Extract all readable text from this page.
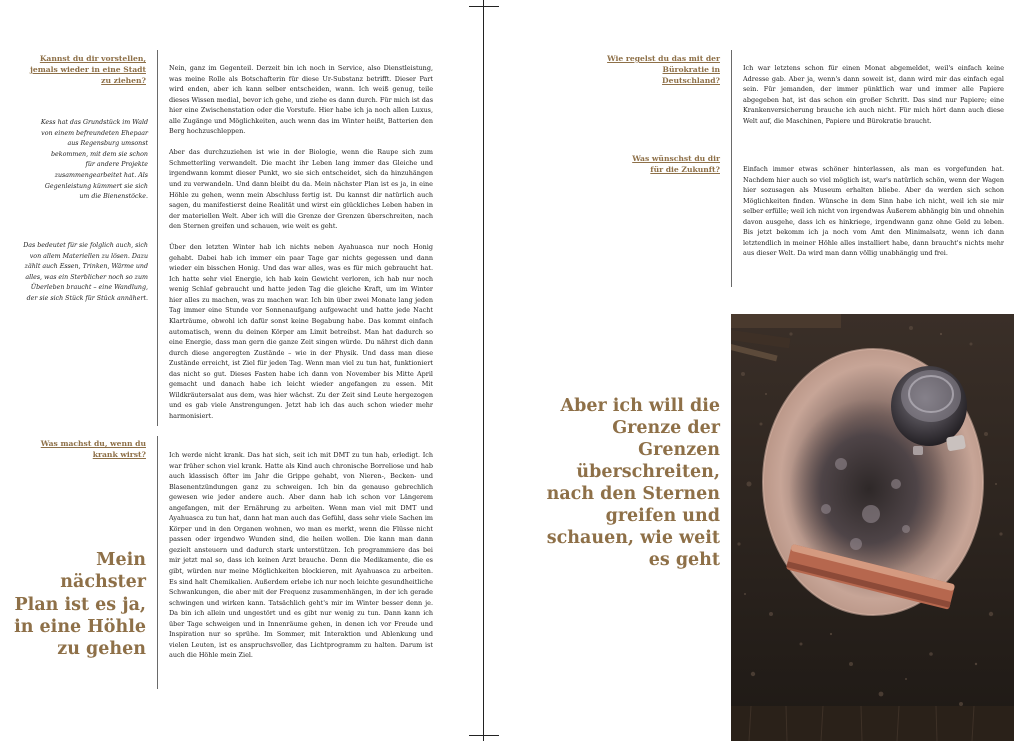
Kannst du dir vorstellen, jemals wieder in eine Stadt zu ziehen?
Kess hat das Grundstück im Wald von einem befreundeten Ehepaar aus Regensburg umsonst bekommen, mit dem sie schon für andere Projekte zusammengearbeitet hat. Als Gegenleistung kümmert sie sich um die Bienenstöcke.
Das bedeutet für sie folglich auch, sich von allem Materiellen zu lösen. Dazu zählt auch Essen, Trinken, Wärme und alles, was ein Sterblicher noch so zum Überleben braucht – eine Wandlung, der sie sich Stück für Stück annähert.

Nein, ganz im Gegenteil. Derzeit bin ich noch in Service, also Dienstleistung, was meine Rolle als Botschafterin für diese Ur-Substanz betrifft. Dieser Part wird enden, aber ich kann selber entscheiden, wann. Ich weiß genug, teile dieses Wissen medial, bevor ich gehe, und ziehe es dann durch. Für mich ist das hier eine Zwischenstation oder die Vorstufe. Hier habe ich ja noch allen Luxus, alle Zugänge und Möglichkeiten, auch wenn das im Winter heißt, Batterien den Berg hochzuschleppen.

Aber das durchzuziehen ist wie in der Biologie, wenn die Raupe sich zum Schmetterling verwandelt. Die macht ihr Leben lang immer das Gleiche und irgendwann kommt dieser Punkt, wo sie sich entscheidet, sich da hinzuhängen und zu verwandeln. Und dann bleibt du da. Mein nächster Plan ist es ja, in eine Höhle zu gehen, wenn mein Abschluss fertig ist. Du kannst dir natürlich auch sagen, du manifestierst deine Realität und wirst ein glückliches Leben haben in der materiellen Welt. Aber ich will die Grenze der Grenzen überschreiten, nach den Sternen greifen und schauen, wie weit es geht.

Über den letzten Winter hab ich nichts neben Ayahuasca nur noch Honig gehabt. Dabei hab ich immer ein paar Tage gar nichts gegessen und dann wieder ein bisschen Honig. Und das war alles, was es für mich gebraucht hat. Ich hatte sehr viel Energie, ich hab kein Gewicht verloren, ich hab nur noch wenig Schlaf gebraucht und hatte jeden Tag die gleiche Kraft, um im Winter hier alles zu machen, was zu machen war. Ich bin über zwei Monate lang jeden Tag immer eine Stunde vor Sonnenaufgang aufgewacht und hatte jede Nacht Klarträume, obwohl ich dafür sonst keine Begabung habe. Das kommt einfach automatisch, wenn du deinen Körper am Limit betreibst. Man hat dadurch so eine Energie, dass man gern die ganze Zeit singen würde. Du nährst dich dann durch diese angeregten Zustände – wie in der Physik. Und dass man diese Zustände erreicht, ist Ziel für jeden Tag. Wenn man viel zu tun hat, funktioniert das nicht so gut. Dieses Fasten habe ich dann von November bis Mitte April gemacht und danach habe ich leicht wieder angefangen zu essen. Mit Wildkräutersalat aus dem, was hier wächst. Zu der Zeit sind Leute hergezogen und es gab viele Anstrengungen. Jetzt hab ich das auch schon wieder mehr harmonisiert.

Was machst du, wenn du krank wirst?	Ich werde nicht krank. Das hat sich, seit ich mit DMT zu tun hab, erledigt. Ich war früher schon viel krank. Hatte als Kind auch chronische Borreliose und hab auch klassisch öfter im Jahr die Grippe gehabt, von Nieren-, Becken- und Blasenentzündungen ganz zu schweigen. Ich bin da genauso gebrechlich gewesen wie jeder andere auch. Aber dann hab ich schon vor Längerem angefangen, mit der Ernährung zu arbeiten. Wenn man viel mit DMT und Ayahuasca zu tun hat, dann hat man auch das Gefühl, dass sehr viele Sachen im Körper und in den Organen wohnen, wo man es merkt, wenn die Flüsse nicht passen oder irgendwo Wunden sind, die heilen wollen. Die kann man dann gezielt ansteuern und dadurch stark unterstützen. Ich programmiere das bei mir jetzt mal so, dass ich keinen Arzt brauche. Denn die Medikamente, die es gibt, würden nur meine Möglichkeiten blockieren, mit Ayahuasca zu arbeiten. Es sind halt Chemikalien. Außerdem erlebe ich nur noch leichte gesundheitliche Schwankungen, die aber mit der Frequenz zusammenhängen, in der ich gerade schwingen und wirken kann. Tatsächlich geht's mir im Winter besser denn je. Da bin ich allein und ungestört und es gibt nur wenig zu tun. Dann kann ich über Tage schweigen und in Innenräume gehen, in denen ich vor Freude und Inspiration nur so sprühe. Im Sommer, mit Interaktion und Ablenkung und vielen Leuten, ist es anspruchsvoller, das Lichtprogramm zu halten. Darum ist auch die Höhle mein Ziel.
Mein nächster Plan ist es ja, in eine Höhle zu gehen
Wie regelst du das mit der Bürokratie in Deutschland?
Was wünschst du dir für die Zukunft?
Ich war letztens schon für einen Monat abgemeldet, weil's einfach keine Adresse gab. Aber ja, wenn's dann soweit ist, dann wird mir das einfach egal sein. Für jemanden, der immer pünktlich war und immer alle Papiere abgegeben hat, ist das schon ein großer Schritt. Das sind nur Papiere; eine Krankenversicherung brauche ich auch nicht. Für mich hört dann auch diese Welt auf, die Maschinen, Papiere und Bürokratie braucht.
Einfach immer etwas schöner hinterlassen, als man es vorgefunden hat. Nachdem hier auch so viel möglich ist, war's natürlich schön, wenn der Wagen hier sozusagen als Museum erhalten bliebe. Aber da werden sich schon Möglichkeiten finden. Wünsche in dem Sinn habe ich nicht, weil ich sie mir selber erfülle; weil ich nicht von irgendwas Äußerem abhängig bin und ohnehin davon ausgehe, dass ich es hinkriege, irgendwann ganz ohne Geld zu leben. Bis jetzt bekomm ich ja noch vom Amt den Minimalsatz, wenn ich dann letztendlich in meiner Höhle alles installiert habe, dann braucht's nichts mehr aus dieser Welt. Da wird man dann völlig unabhängig und frei.
Aber ich will die Grenze der Grenzen überschreiten, nach den Sternen greifen und schauen, wie weit es geht
